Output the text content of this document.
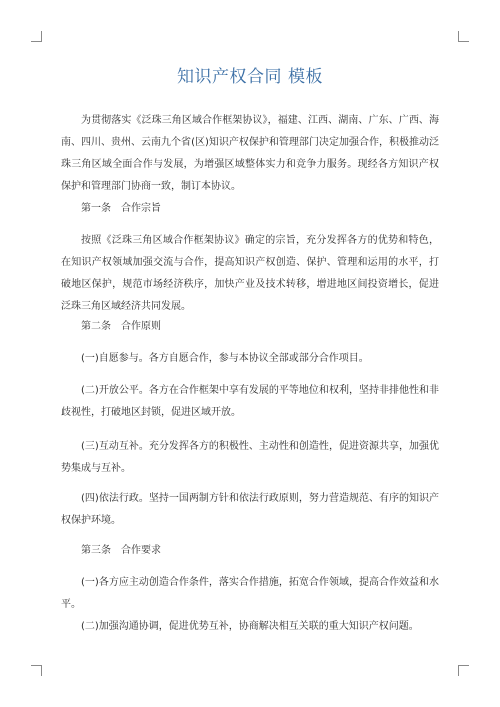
知识产权合同 模板

为贯彻落实《泛珠三角区域合作框架协议》，福建、江西、湖南、广东、广西、海南、四川、贵州、云南九个省(区)知识产权保护和管理部门决定加强合作，积极推动泛珠三角区域全面合作与发展，为增强区域整体实力和竞争力服务。现经各方知识产权保护和管理部门协商一致，制订本协议。

第一条　合作宗旨

按照《泛珠三角区域合作框架协议》确定的宗旨，充分发挥各方的优势和特色，在知识产权领域加强交流与合作，提高知识产权创造、保护、管理和运用的水平，打破地区保护，规范市场经济秩序，加快产业及技术转移，增进地区间投资增长，促进泛珠三角区域经济共同发展。

第二条　合作原则

(一)自愿参与。各方自愿合作，参与本协议全部或部分合作项目。

(二)开放公平。各方在合作框架中享有发展的平等地位和权利，坚持非排他性和非歧视性，打破地区封锁，促进区域开放。

(三)互动互补。充分发挥各方的积极性、主动性和创造性，促进资源共享，加强优势集成与互补。

(四)依法行政。坚持一国两制方针和依法行政原则，努力营造规范、有序的知识产权保护环境。

第三条　合作要求

(一)各方应主动创造合作条件，落实合作措施，拓宽合作领域，提高合作效益和水平。

(二)加强沟通协调，促进优势互补，协商解决相互关联的重大知识产权问题。
